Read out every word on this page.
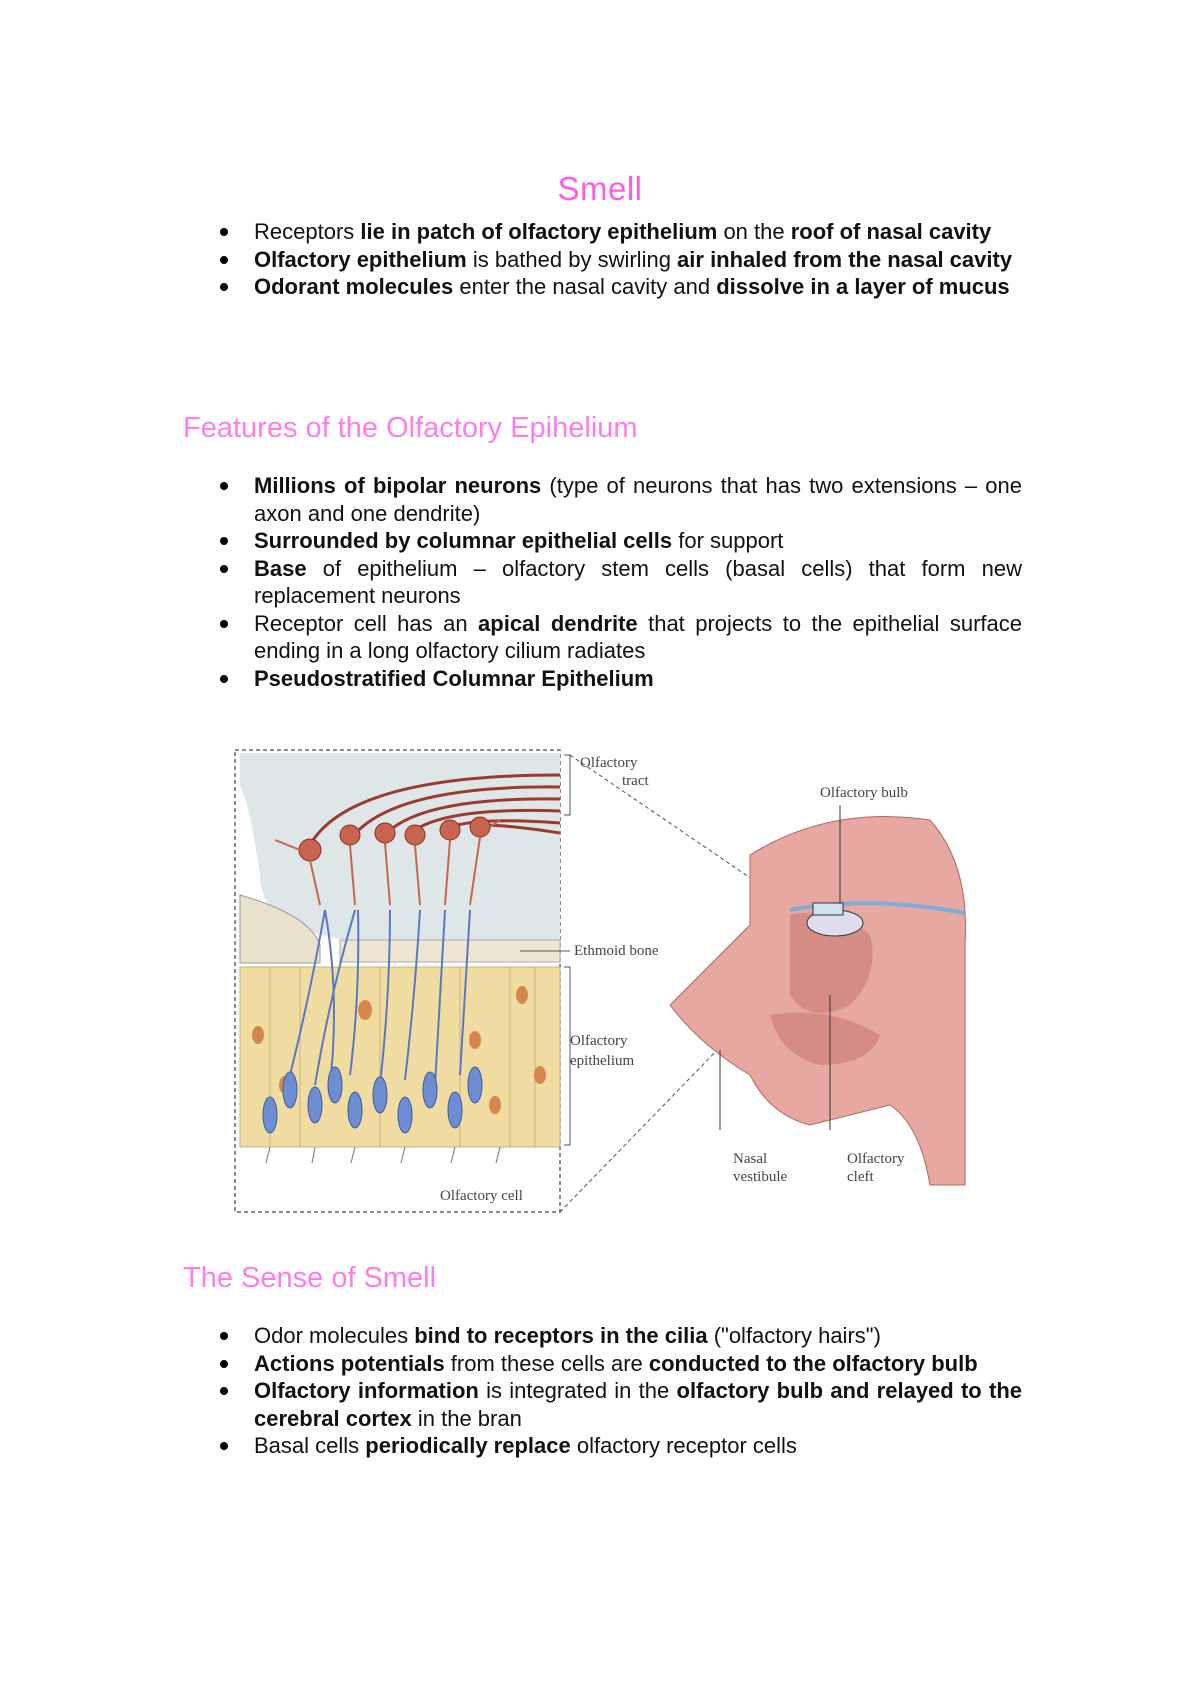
Smell
Receptors lie in patch of olfactory epithelium on the roof of nasal cavity
Olfactory epithelium is bathed by swirling air inhaled from the nasal cavity
Odorant molecules enter the nasal cavity and dissolve in a layer of mucus
Features of the Olfactory Epihelium
Millions of bipolar neurons (type of neurons that has two extensions – one axon and one dendrite)
Surrounded by columnar epithelial cells for support
Base of epithelium – olfactory stem cells (basal cells) that form new replacement neurons
Receptor cell has an apical dendrite that projects to the epithelial surface ending in a long olfactory cilium radiates
Pseudostratified Columnar Epithelium
Olfactory
tract
Ethmoid bone
Olfactory
epithelium
Olfactory cell
Olfactory bulb
Nasal
vestibule
Olfactory
cleft
The Sense of Smell
Odor molecules bind to receptors in the cilia ("olfactory hairs")
Actions potentials from these cells are conducted to the olfactory bulb
Olfactory information is integrated in the olfactory bulb and relayed to the cerebral cortex in the bran
Basal cells periodically replace olfactory receptor cells
